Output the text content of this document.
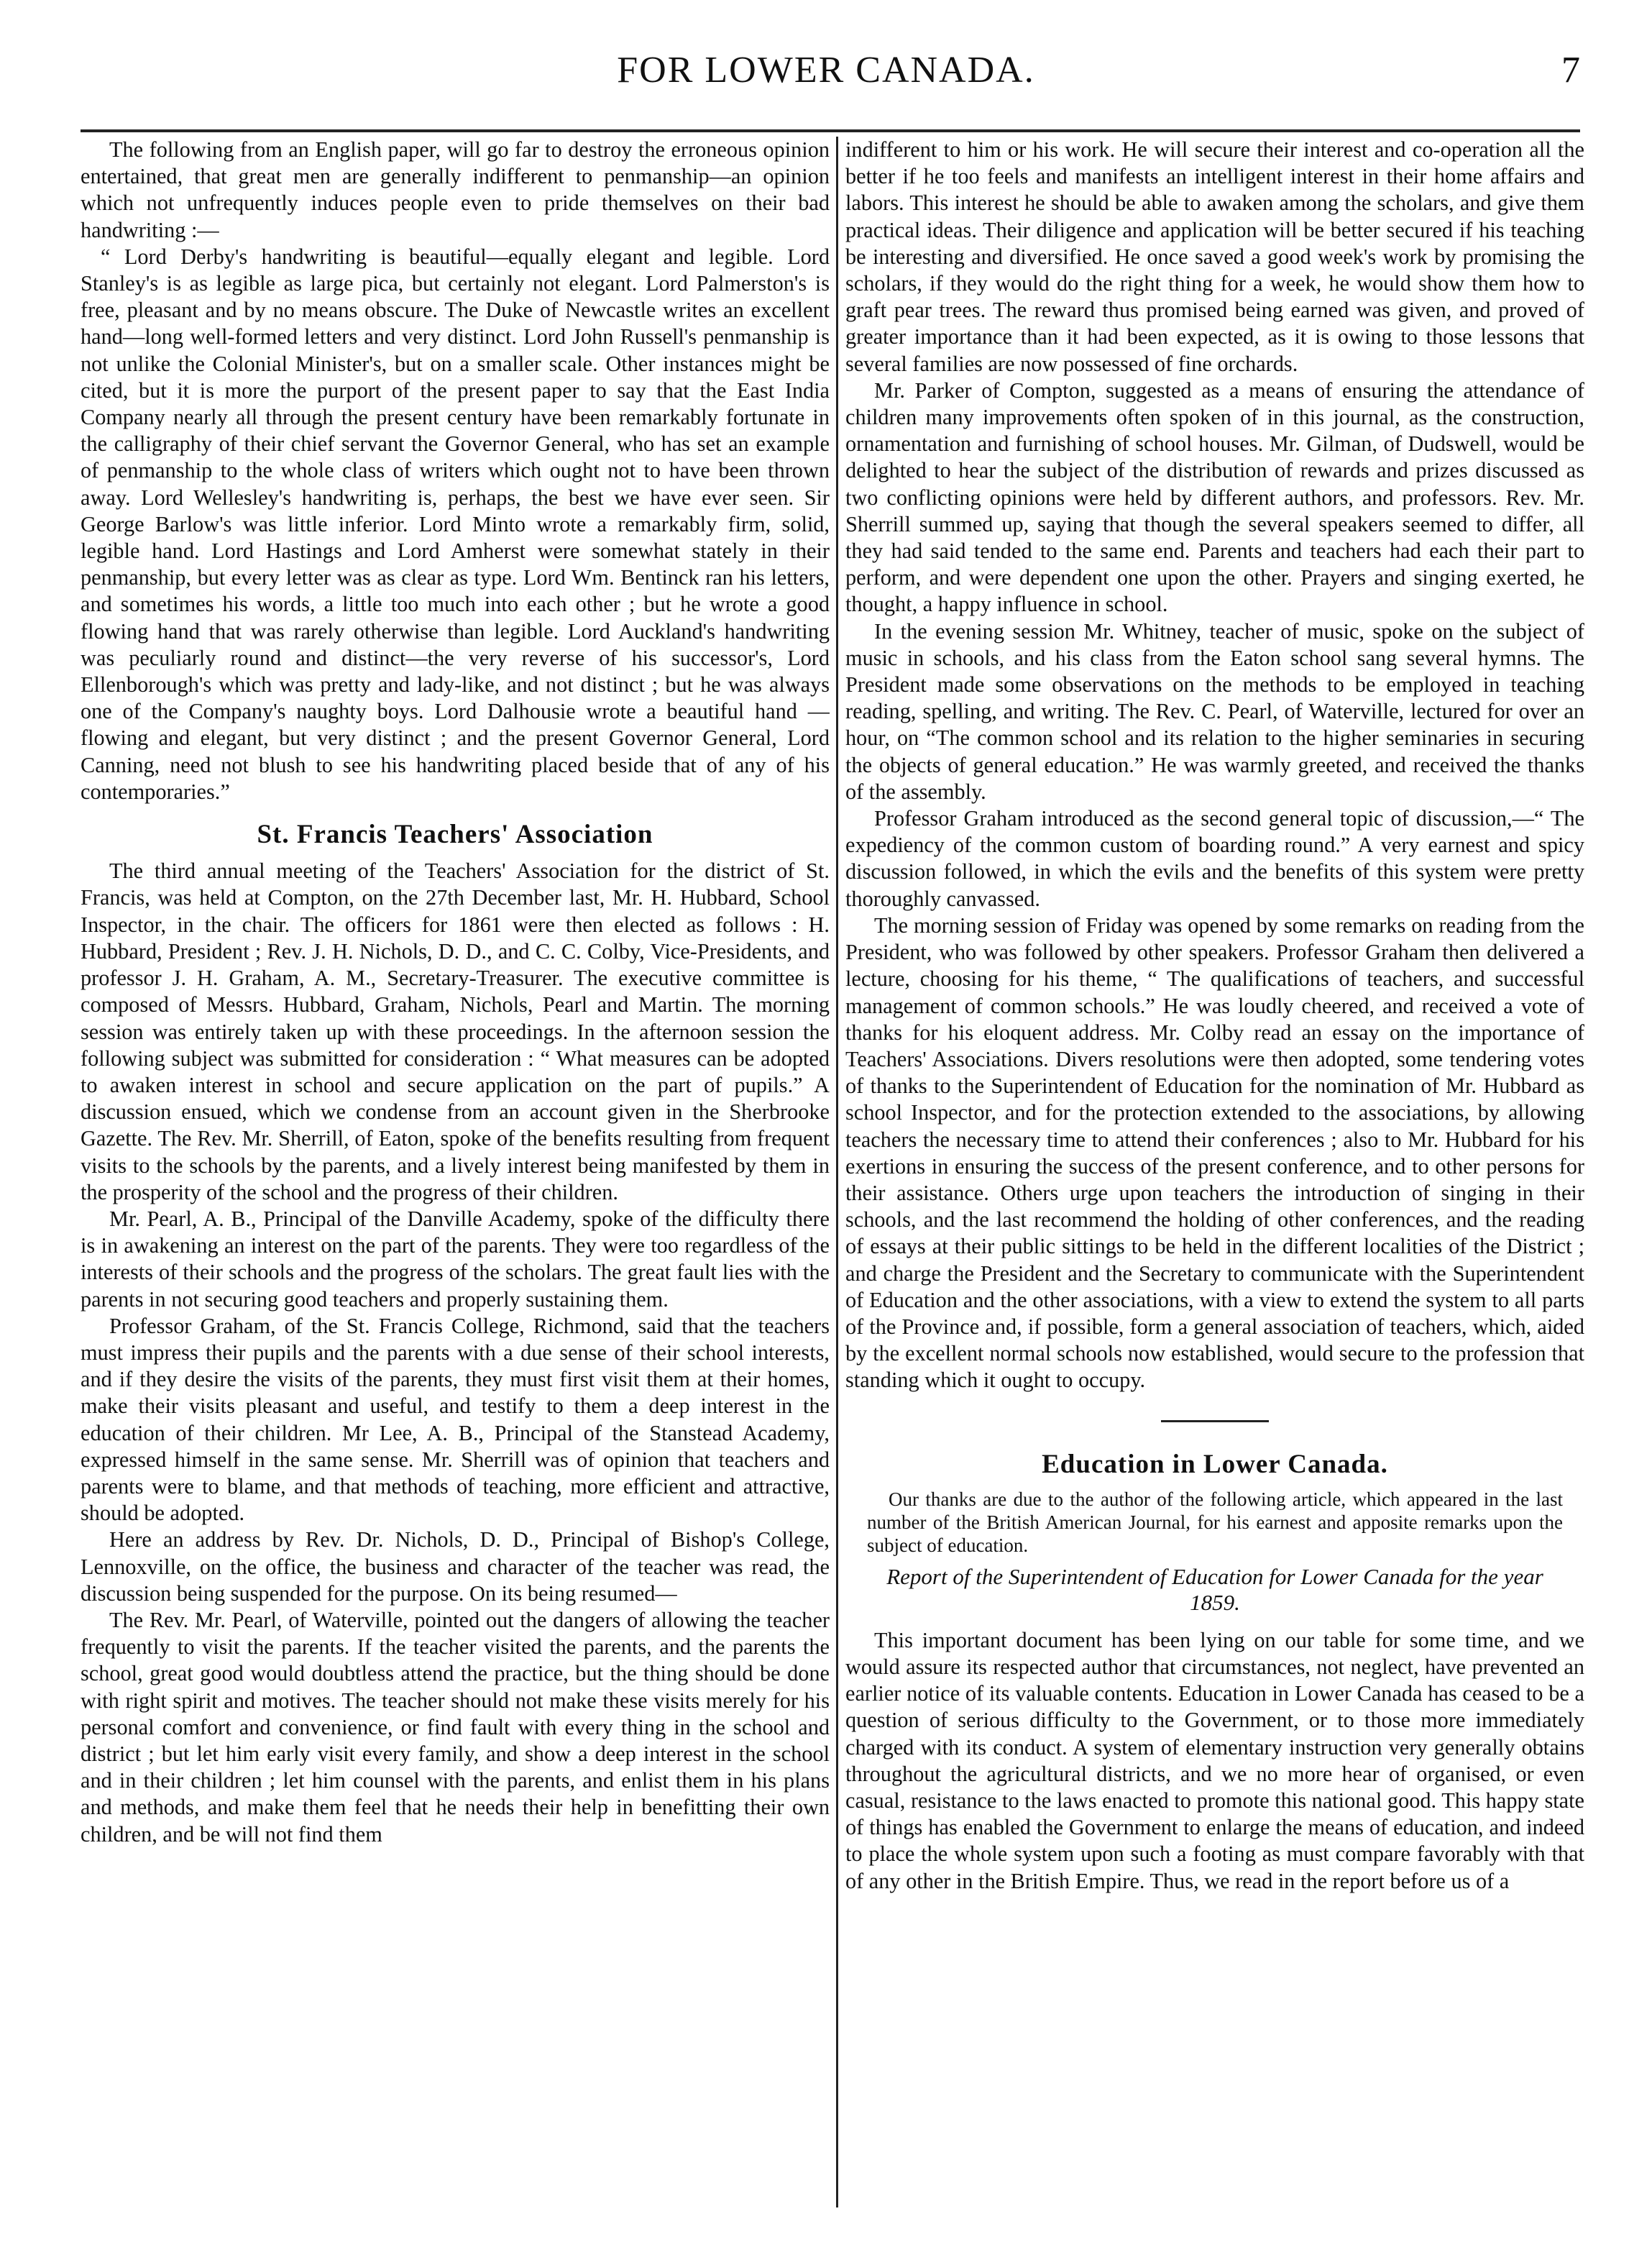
FOR LOWER CANADA.	7

The following from an English paper, will go far to destroy the erroneous opinion entertained, that great men are generally indifferent to penmanship—an opinion which not unfrequently induces people even to pride themselves on their bad handwriting :—

“ Lord Derby's handwriting is beautiful—equally elegant and legible. Lord Stanley's is as legible as large pica, but certainly not elegant. Lord Palmerston's is free, pleasant and by no means obscure. The Duke of Newcastle writes an excellent hand—long well-formed letters and very distinct. Lord John Russell's penmanship is not unlike the Colonial Minister's, but on a smaller scale. Other instances might be cited, but it is more the purport of the present paper to say that the East India Company nearly all through the present century have been remarkably fortunate in the calligraphy of their chief servant the Governor General, who has set an example of penmanship to the whole class of writers which ought not to have been thrown away. Lord Wellesley's handwriting is, perhaps, the best we have ever seen. Sir George Barlow's was little inferior. Lord Minto wrote a remarkably firm, solid, legible hand. Lord Hastings and Lord Amherst were somewhat stately in their penmanship, but every letter was as clear as type. Lord Wm. Bentinck ran his letters, and sometimes his words, a little too much into each other ; but he wrote a good flowing hand that was rarely otherwise than legible. Lord Auckland's handwriting was peculiarly round and distinct—the very reverse of his successor's, Lord Ellenborough's which was pretty and lady-like, and not distinct ; but he was always one of the Company's naughty boys. Lord Dalhousie wrote a beautiful hand —flowing and elegant, but very distinct ; and the present Governor General, Lord Canning, need not blush to see his handwriting placed beside that of any of his contemporaries.”

St. Francis Teachers' Association

The third annual meeting of the Teachers' Association for the district of St. Francis, was held at Compton, on the 27th December last, Mr. H. Hubbard, School Inspector, in the chair. The officers for 1861 were then elected as follows : H. Hubbard, President ; Rev. J. H. Nichols, D. D., and C. C. Colby, Vice-Presidents, and professor J. H. Graham, A. M., Secretary-Treasurer. The executive committee is composed of Messrs. Hubbard, Graham, Nichols, Pearl and Martin. The morning session was entirely taken up with these proceedings. In the afternoon session the following subject was submitted for consideration : “ What measures can be adopted to awaken interest in school and secure application on the part of pupils.” A discussion ensued, which we condense from an account given in the Sherbrooke Gazette. The Rev. Mr. Sherrill, of Eaton, spoke of the benefits resulting from frequent visits to the schools by the parents, and a lively interest being manifested by them in the prosperity of the school and the progress of their children.

Mr. Pearl, A. B., Principal of the Danville Academy, spoke of the difficulty there is in awakening an interest on the part of the parents. They were too regardless of the interests of their schools and the progress of the scholars. The great fault lies with the parents in not securing good teachers and properly sustaining them.

Professor Graham, of the St. Francis College, Richmond, said that the teachers must impress their pupils and the parents with a due sense of their school interests, and if they desire the visits of the parents, they must first visit them at their homes, make their visits pleasant and useful, and testify to them a deep interest in the education of their children. Mr Lee, A. B., Principal of the Stanstead Academy, expressed himself in the same sense. Mr. Sherrill was of opinion that teachers and parents were to blame, and that methods of teaching, more efficient and attractive, should be adopted.

Here an address by Rev. Dr. Nichols, D. D., Principal of Bishop's College, Lennoxville, on the office, the business and character of the teacher was read, the discussion being suspended for the purpose. On its being resumed—

The Rev. Mr. Pearl, of Waterville, pointed out the dangers of allowing the teacher frequently to visit the parents. If the teacher visited the parents, and the parents the school, great good would doubtless attend the practice, but the thing should be done with right spirit and motives. The teacher should not make these visits merely for his personal comfort and convenience, or find fault with every thing in the school and district ; but let him early visit every family, and show a deep interest in the school and in their children ; let him counsel with the parents, and enlist them in his plans and methods, and make them feel that he needs their help in benefitting their own children, and be will not find them

indifferent to him or his work. He will secure their interest and co-operation all the better if he too feels and manifests an intelligent interest in their home affairs and labors. This interest he should be able to awaken among the scholars, and give them practical ideas. Their diligence and application will be better secured if his teaching be interesting and diversified. He once saved a good week's work by promising the scholars, if they would do the right thing for a week, he would show them how to graft pear trees. The reward thus promised being earned was given, and proved of greater importance than it had been expected, as it is owing to those lessons that several families are now possessed of fine orchards.

Mr. Parker of Compton, suggested as a means of ensuring the attendance of children many improvements often spoken of in this journal, as the construction, ornamentation and furnishing of school houses. Mr. Gilman, of Dudswell, would be delighted to hear the subject of the distribution of rewards and prizes discussed as two conflicting opinions were held by different authors, and professors. Rev. Mr. Sherrill summed up, saying that though the several speakers seemed to differ, all they had said tended to the same end. Parents and teachers had each their part to perform, and were dependent one upon the other. Prayers and singing exerted, he thought, a happy influence in school.

In the evening session Mr. Whitney, teacher of music, spoke on the subject of music in schools, and his class from the Eaton school sang several hymns. The President made some observations on the methods to be employed in teaching reading, spelling, and writing. The Rev. C. Pearl, of Waterville, lectured for over an hour, on “The common school and its relation to the higher seminaries in securing the objects of general education.” He was warmly greeted, and received the thanks of the assembly.

Professor Graham introduced as the second general topic of discussion,—“ The expediency of the common custom of boarding round.” A very earnest and spicy discussion followed, in which the evils and the benefits of this system were pretty thoroughly canvassed.

The morning session of Friday was opened by some remarks on reading from the President, who was followed by other speakers. Professor Graham then delivered a lecture, choosing for his theme, “ The qualifications of teachers, and successful management of common schools.” He was loudly cheered, and received a vote of thanks for his eloquent address. Mr. Colby read an essay on the importance of Teachers' Associations. Divers resolutions were then adopted, some tendering votes of thanks to the Superintendent of Education for the nomination of Mr. Hubbard as school Inspector, and for the protection extended to the associations, by allowing teachers the necessary time to attend their conferences ; also to Mr. Hubbard for his exertions in ensuring the success of the present conference, and to other persons for their assistance. Others urge upon teachers the introduction of singing in their schools, and the last recommend the holding of other conferences, and the reading of essays at their public sittings to be held in the different localities of the District ; and charge the President and the Secretary to communicate with the Superintendent of Education and the other associations, with a view to extend the system to all parts of the Province and, if possible, form a general association of teachers, which, aided by the excellent normal schools now established, would secure to the profession that standing which it ought to occupy.

Education in Lower Canada.

Our thanks are due to the author of the following article, which appeared in the last number of the British American Journal, for his earnest and apposite remarks upon the subject of education.

Report of the Superintendent of Education for Lower Canada for the year 1859.

This important document has been lying on our table for some time, and we would assure its respected author that circumstances, not neglect, have prevented an earlier notice of its valuable contents. Education in Lower Canada has ceased to be a question of serious difficulty to the Government, or to those more immediately charged with its conduct. A system of elementary instruction very generally obtains throughout the agricultural districts, and we no more hear of organised, or even casual, resistance to the laws enacted to promote this national good. This happy state of things has enabled the Government to enlarge the means of education, and indeed to place the whole system upon such a footing as must compare favorably with that of any other in the British Empire. Thus, we read in the report before us of a
